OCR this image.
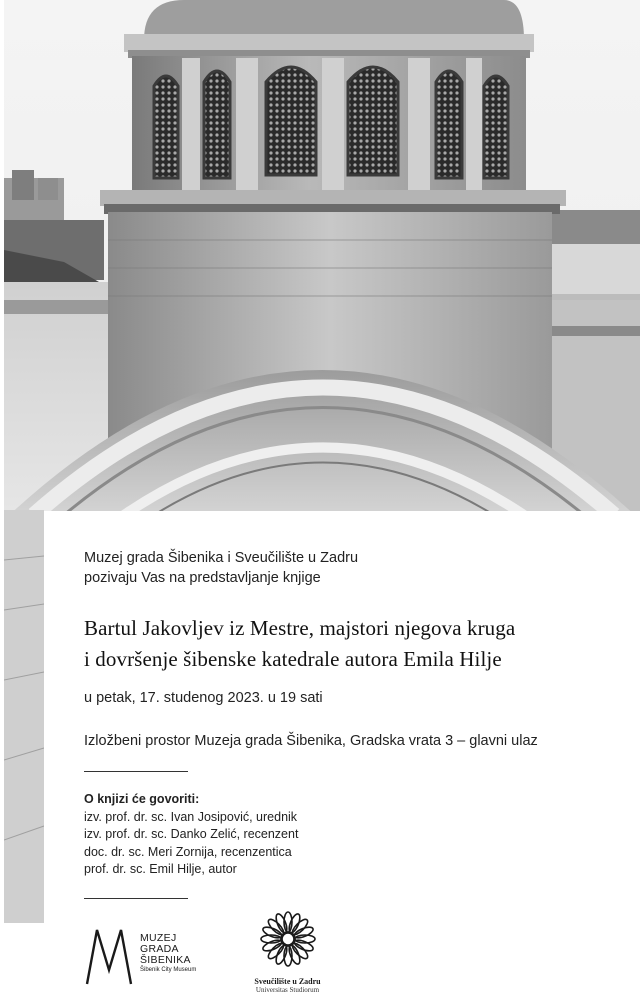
Muzej grada Šibenika i Sveučilište u Zadru
pozivaju Vas na predstavljanje knjige
Bartul Jakovljev iz Mestre, majstori njegova kruga
i dovršenje šibenske katedrale autora Emila Hilje
u petak, 17. studenog 2023. u 19 sati
Izložbeni prostor Muzeja grada Šibenika, Gradska vrata 3 – glavni ulaz
O knjizi će govoriti:
izv. prof. dr. sc. Ivan Josipović, urednik
izv. prof. dr. sc. Danko Zelić, recenzent
doc. dr. sc. Meri Zornija, recenzentica
prof. dr. sc. Emil Hilje, autor
MUZEJ
GRADA
ŠIBENIKA
Šibenik City Museum
Sveučilište u Zadru
Universitas Studiorum
